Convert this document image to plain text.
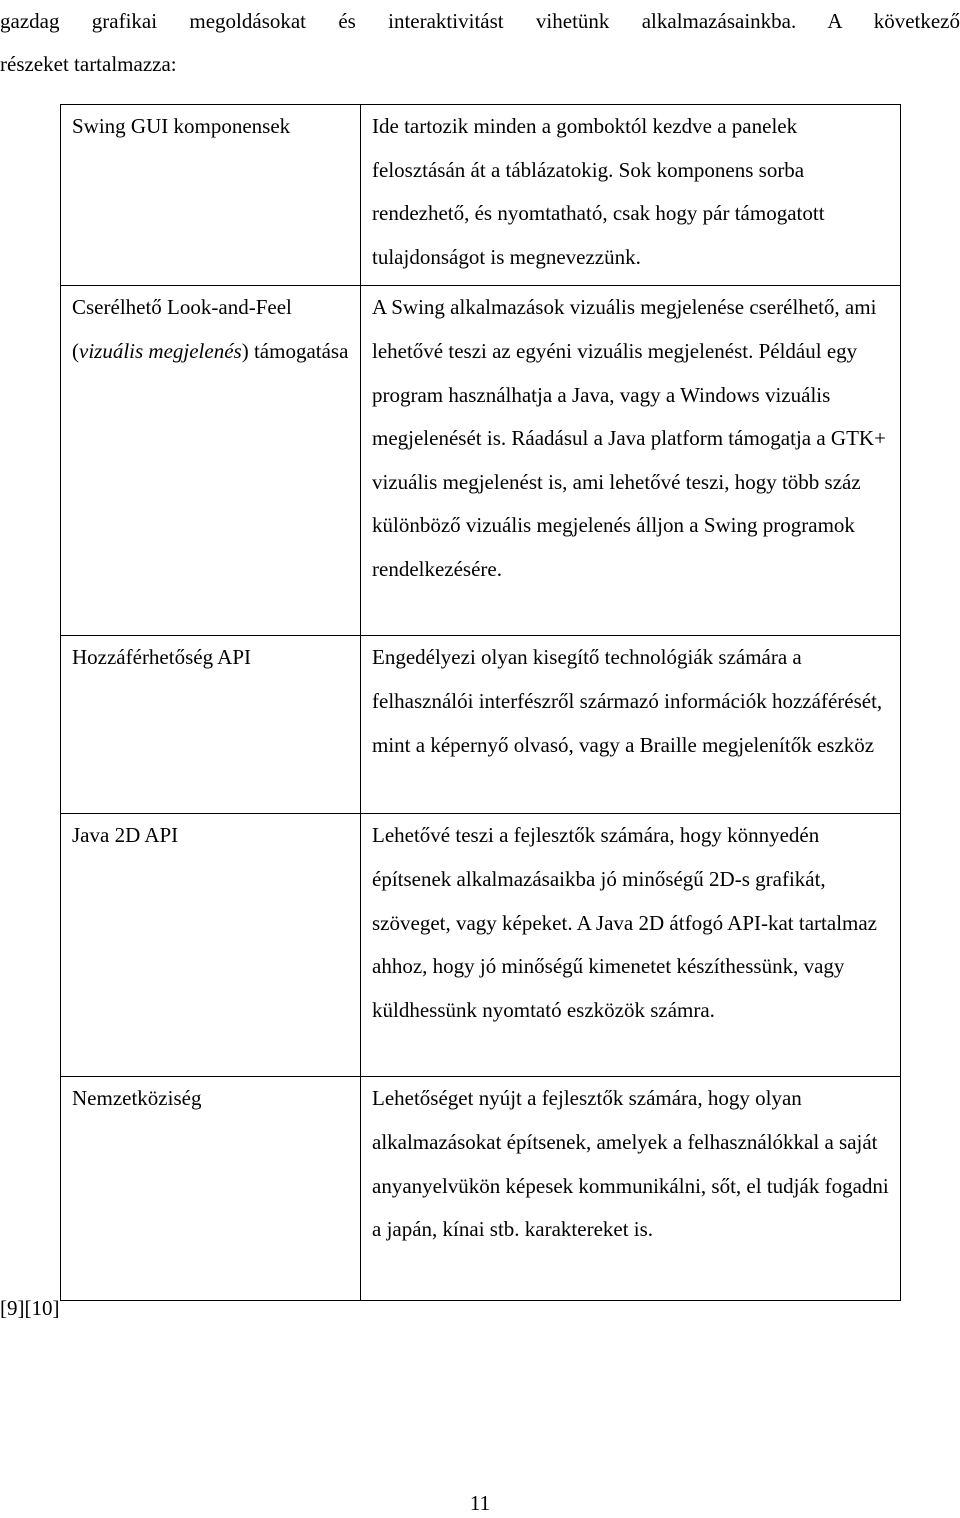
gazdag grafikai megoldásokat és interaktivitást vihetünk alkalmazásainkba. A következő
részeket tartalmazza:
Swing GUI komponensek	Ide tartozik minden a gomboktól kezdve a panelek felosztásán át a táblázatokig. Sok komponens sorba rendezhető, és nyomtatható, csak hogy pár támogatott tulajdonságot is megnevezzünk.

Cserélhető Look-and-Feel (vizuális megjelenés) támogatása	A Swing alkalmazások vizuális megjelenése cserélhető, ami lehetővé teszi az egyéni vizuális megjelenést. Például egy program használhatja a Java, vagy a Windows vizuális megjelenését is. Ráadásul a Java platform támogatja a GTK+ vizuális megjelenést is, ami lehetővé teszi, hogy több száz különböző vizuális megjelenés álljon a Swing programok rendelkezésére.

Hozzáférhetőség API	Engedélyezi olyan kisegítő technológiák számára a felhasználói interfészről származó információk hozzáférését, mint a képernyő olvasó, vagy a Braille megjelenítők eszköz

Java 2D API	Lehetővé teszi a fejlesztők számára, hogy könnyedén építsenek alkalmazásaikba jó minőségű 2D-s grafikát, szöveget, vagy képeket. A Java 2D átfogó API-kat tartalmaz ahhoz, hogy jó minőségű kimenetet készíthessünk, vagy küldhessünk nyomtató eszközök számra.

Nemzetköziség	Lehetőséget nyújt a fejlesztők számára, hogy olyan alkalmazásokat építsenek, amelyek a felhasználókkal a saját anyanyelvükön képesek kommunikálni, sőt, el tudják fogadni a japán, kínai stb. karaktereket is.
[9][10]
11
